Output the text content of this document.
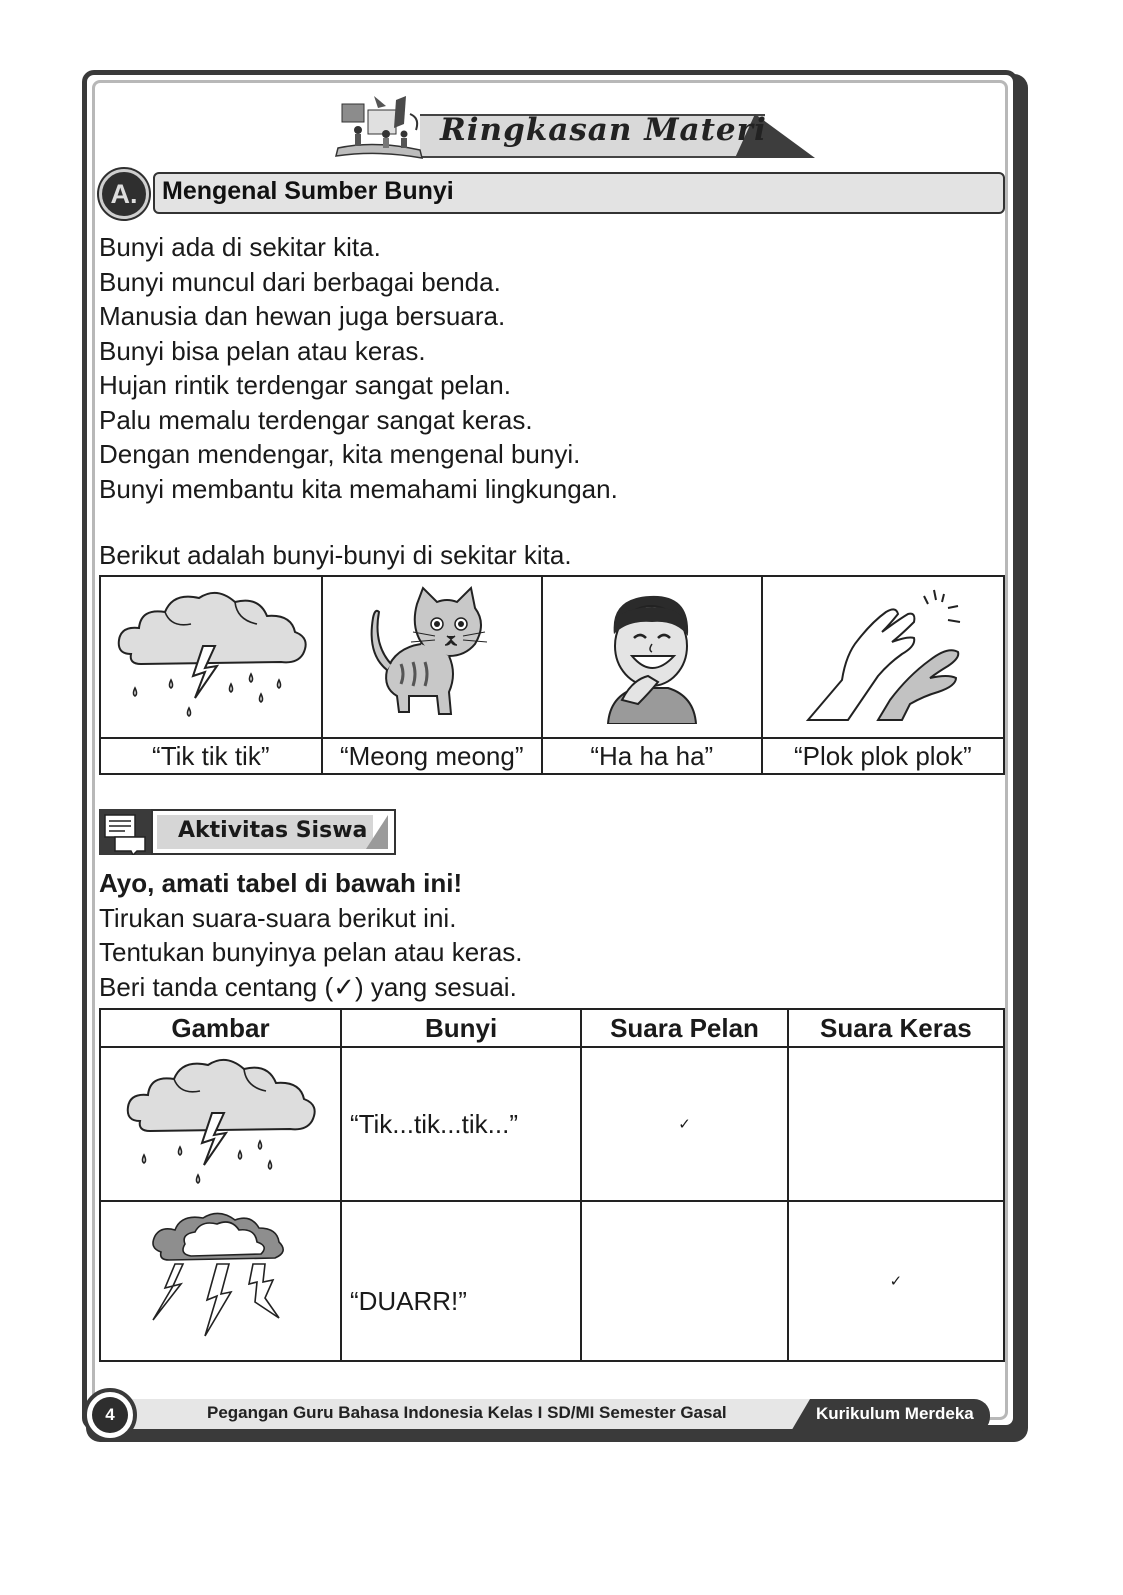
Ringkasan Materi
A. Mengenal Sumber Bunyi

Bunyi ada di sekitar kita.

Bunyi muncul dari berbagai benda.

Manusia dan hewan juga bersuara.

Bunyi bisa pelan atau keras.

Hujan rintik terdengar sangat pelan.

Palu memalu terdengar sangat keras.

Dengan mendengar, kita mengenal bunyi.

Bunyi membantu kita memahami lingkungan.

Berikut adalah bunyi-bunyi di sekitar kita.

“Tik tik tik”	“Meong meong”	“Ha ha ha”	“Plok plok plok”
Aktivitas Siswa

Ayo, amati tabel di bawah ini!

Tirukan suara-suara berikut ini.

Tentukan bunyinya pelan atau keras.

Beri tanda centang (✓) yang sesuai.

Gambar	Bunyi	Suara Pelan	Suara Keras
	“Tik...tik...tik...”	✓	
	“DUARR!”		✓
Pegangan Guru Bahasa Indonesia Kelas I SD/MI Semester Gasal	Kurikulum Merdeka
4
